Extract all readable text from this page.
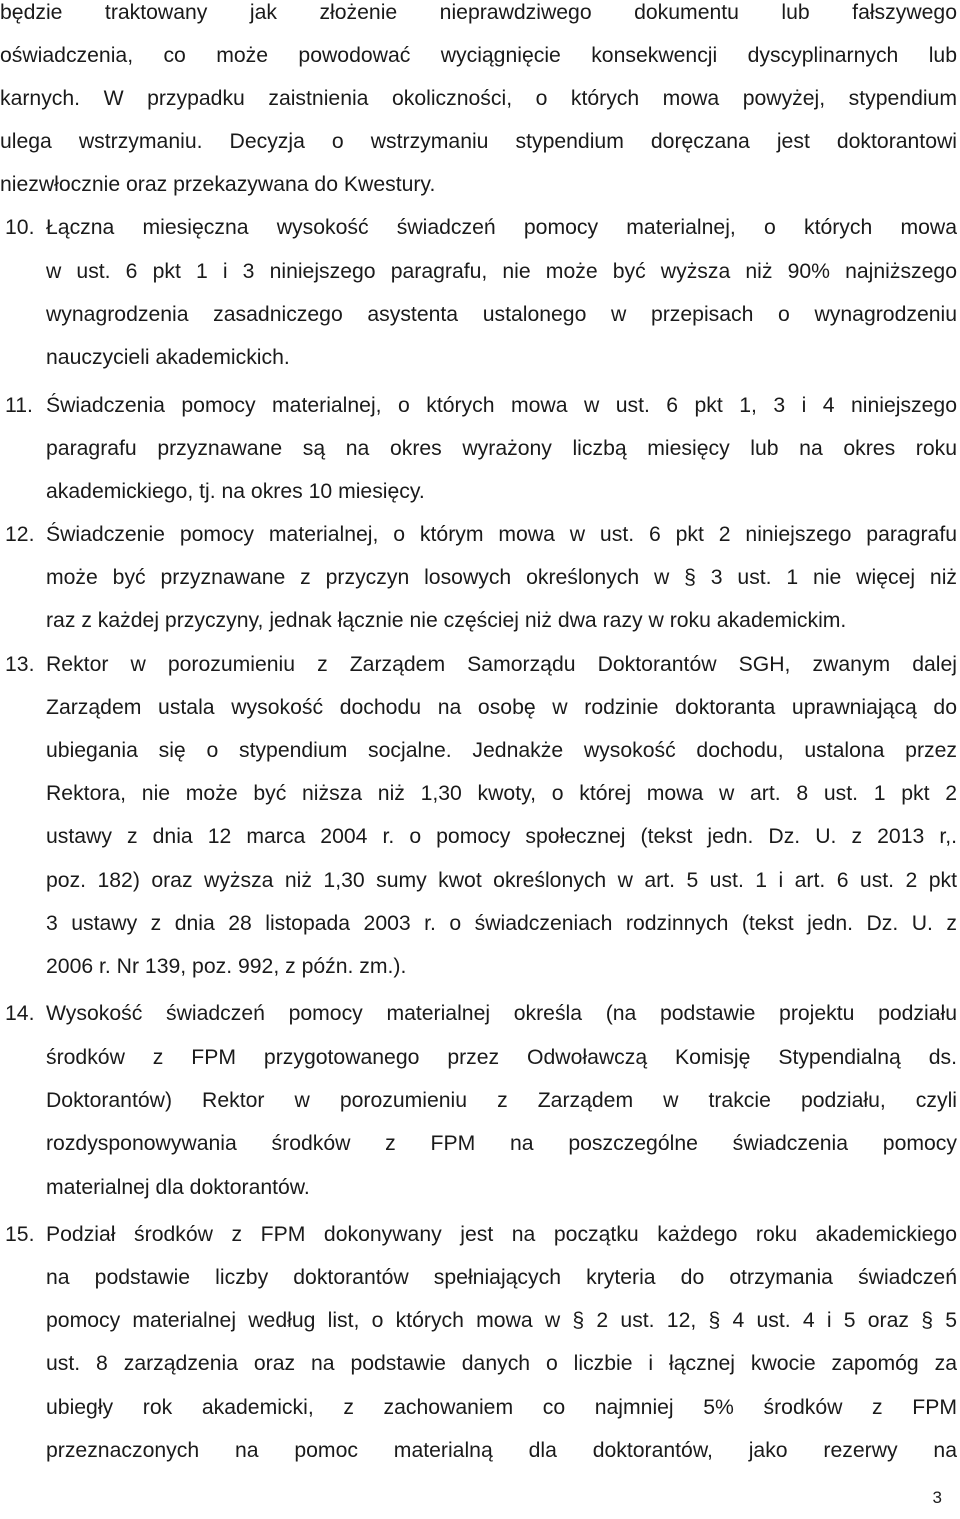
będzie traktowany jak złożenie nieprawdziwego dokumentu lub fałszywego
oświadczenia, co może powodować wyciągnięcie konsekwencji dyscyplinarnych lub
karnych. W przypadku zaistnienia okoliczności, o których mowa powyżej, stypendium
ulega wstrzymaniu. Decyzja o wstrzymaniu stypendium doręczana jest doktorantowi
niezwłocznie oraz przekazywana do Kwestury.
10. Łączna miesięczna wysokość świadczeń pomocy materialnej, o których mowa
w ust. 6 pkt 1 i 3 niniejszego paragrafu, nie może być wyższa niż 90% najniższego
wynagrodzenia zasadniczego asystenta ustalonego w przepisach o wynagrodzeniu
nauczycieli akademickich.
11. Świadczenia pomocy materialnej, o których mowa w ust. 6 pkt 1, 3 i 4 niniejszego
paragrafu przyznawane są na okres wyrażony liczbą miesięcy lub na okres roku
akademickiego, tj. na okres 10 miesięcy.
12. Świadczenie pomocy materialnej, o którym mowa w ust. 6 pkt 2 niniejszego paragrafu
może być przyznawane z przyczyn losowych określonych w § 3 ust. 1 nie więcej niż
raz z każdej przyczyny, jednak łącznie nie częściej niż dwa razy w roku akademickim.
13. Rektor w porozumieniu z Zarządem Samorządu Doktorantów SGH, zwanym dalej
Zarządem ustala wysokość dochodu na osobę w rodzinie doktoranta uprawniającą do
ubiegania się o stypendium socjalne. Jednakże wysokość dochodu, ustalona przez
Rektora, nie może być niższa niż 1,30 kwoty, o której mowa w art. 8 ust. 1 pkt 2
ustawy z dnia 12 marca 2004 r. o pomocy społecznej (tekst jedn. Dz. U. z 2013 r,.
poz. 182) oraz wyższa niż 1,30 sumy kwot określonych w art. 5 ust. 1 i art. 6 ust. 2 pkt
3 ustawy z dnia 28 listopada 2003 r. o świadczeniach rodzinnych (tekst jedn. Dz. U. z
2006 r. Nr 139, poz. 992, z późn. zm.).
14. Wysokość świadczeń pomocy materialnej określa (na podstawie projektu podziału
środków z FPM przygotowanego przez Odwoławczą Komisję Stypendialną ds.
Doktorantów) Rektor w porozumieniu z Zarządem w trakcie podziału, czyli
rozdysponowywania środków z FPM na poszczególne świadczenia pomocy
materialnej dla doktorantów.
15. Podział środków z FPM dokonywany jest na początku każdego roku akademickiego
na podstawie liczby doktorantów spełniających kryteria do otrzymania świadczeń
pomocy materialnej według list, o których mowa w § 2 ust. 12, § 4 ust. 4 i 5 oraz § 5
ust. 8 zarządzenia oraz na podstawie danych o liczbie i łącznej kwocie zapomóg za
ubiegły rok akademicki, z zachowaniem co najmniej 5% środków z FPM
przeznaczonych na pomoc materialną dla doktorantów, jako rezerwy na
3
